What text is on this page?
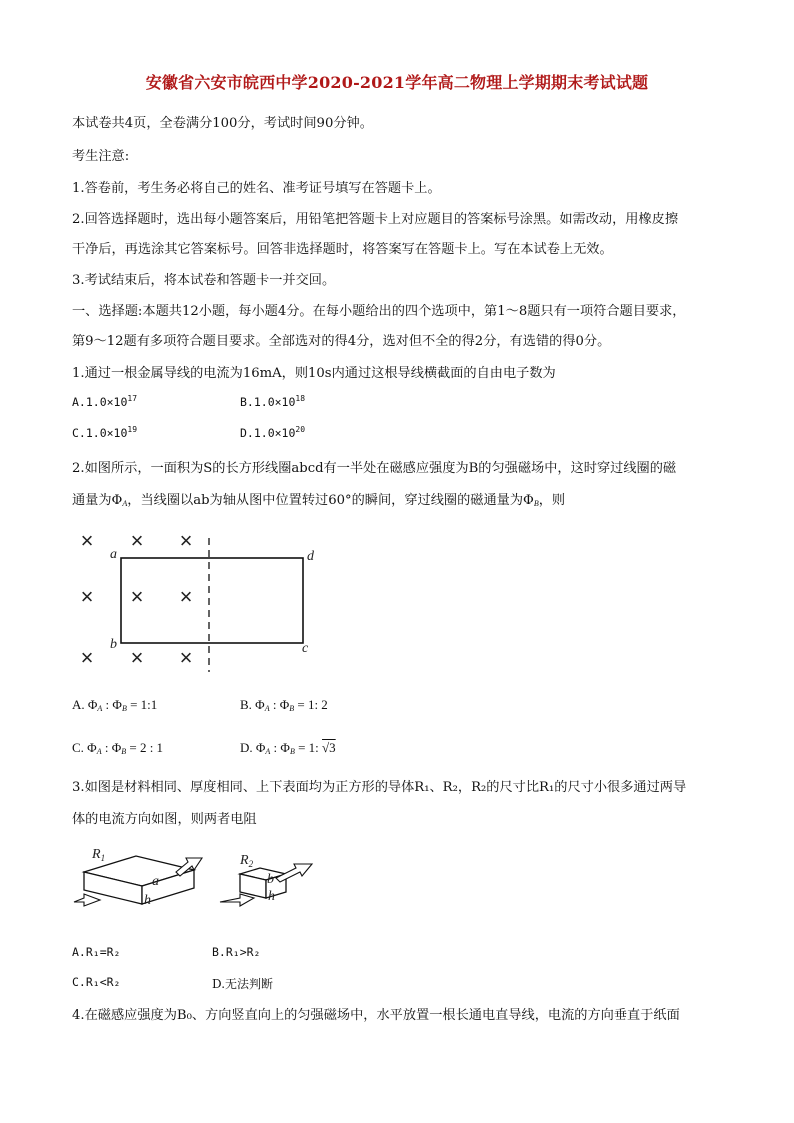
安徽省六安市皖西中学2020-2021学年高二物理上学期期末考试试题
本试卷共4页，全卷满分100分，考试时间90分钟。
考生注意:
1.答卷前，考生务必将自己的姓名、准考证号填写在答题卡上。
2.回答选择题时，选出每小题答案后，用铅笔把答题卡上对应题目的答案标号涂黑。如需改动，用橡皮擦
干净后，再选涂其它答案标号。回答非选择题时，将答案写在答题卡上。写在本试卷上无效。
3.考试结束后，将本试卷和答题卡一并交回。
一、选择题:本题共12小题，每小题4分。在每小题给出的四个选项中，第1～8题只有一项符合题目要求，
第9～12题有多项符合题目要求。全部选对的得4分，选对但不全的得2分，有选错的得0分。
1.通过一根金属导线的电流为16mA，则10s内通过这根导线横截面的自由电子数为
$A.1.0\times 10^{17}$	$B.1.0\times 10^{18}$
$C.1.0\times 10^{19}$	$D.1.0\times 10^{20}$
2.如图所示，一面积为S的长方形线圈abcd有一半处在磁感应强度为B的匀强磁场中，这时穿过线圈的磁
通量为$\Phi_A$，当线圈以ab为轴从图中位置转过60°的瞬间，穿过线圈的磁通量为$\Phi_B$，则
× × ×
× × ×
× × ×
a	d
b	c
A. $\Phi_A$ : $\Phi_B$ = 1:1	B. $\Phi_A$ : $\Phi_B = 1$: 2
C. $\Phi_A$ : $\Phi_B = 2$ : 1	D. $\Phi_A$ : $\Phi_B = 1$: √3
3.如图是材料相同、厚度相同、上下表面均为正方形的导体R₁、R₂，R₂的尺寸比R₁的尺寸小很多通过两导
体的电流方向如图，则两者电阻
$R_1$
a
h
$R_2$
b
h
A.R₁=R₂	B.R₁>R₂
C.R₁<R₂	D.无法判断
4.在磁感应强度为B₀、方向竖直向上的匀强磁场中，水平放置一根长通电直导线，电流的方向垂直于纸面
